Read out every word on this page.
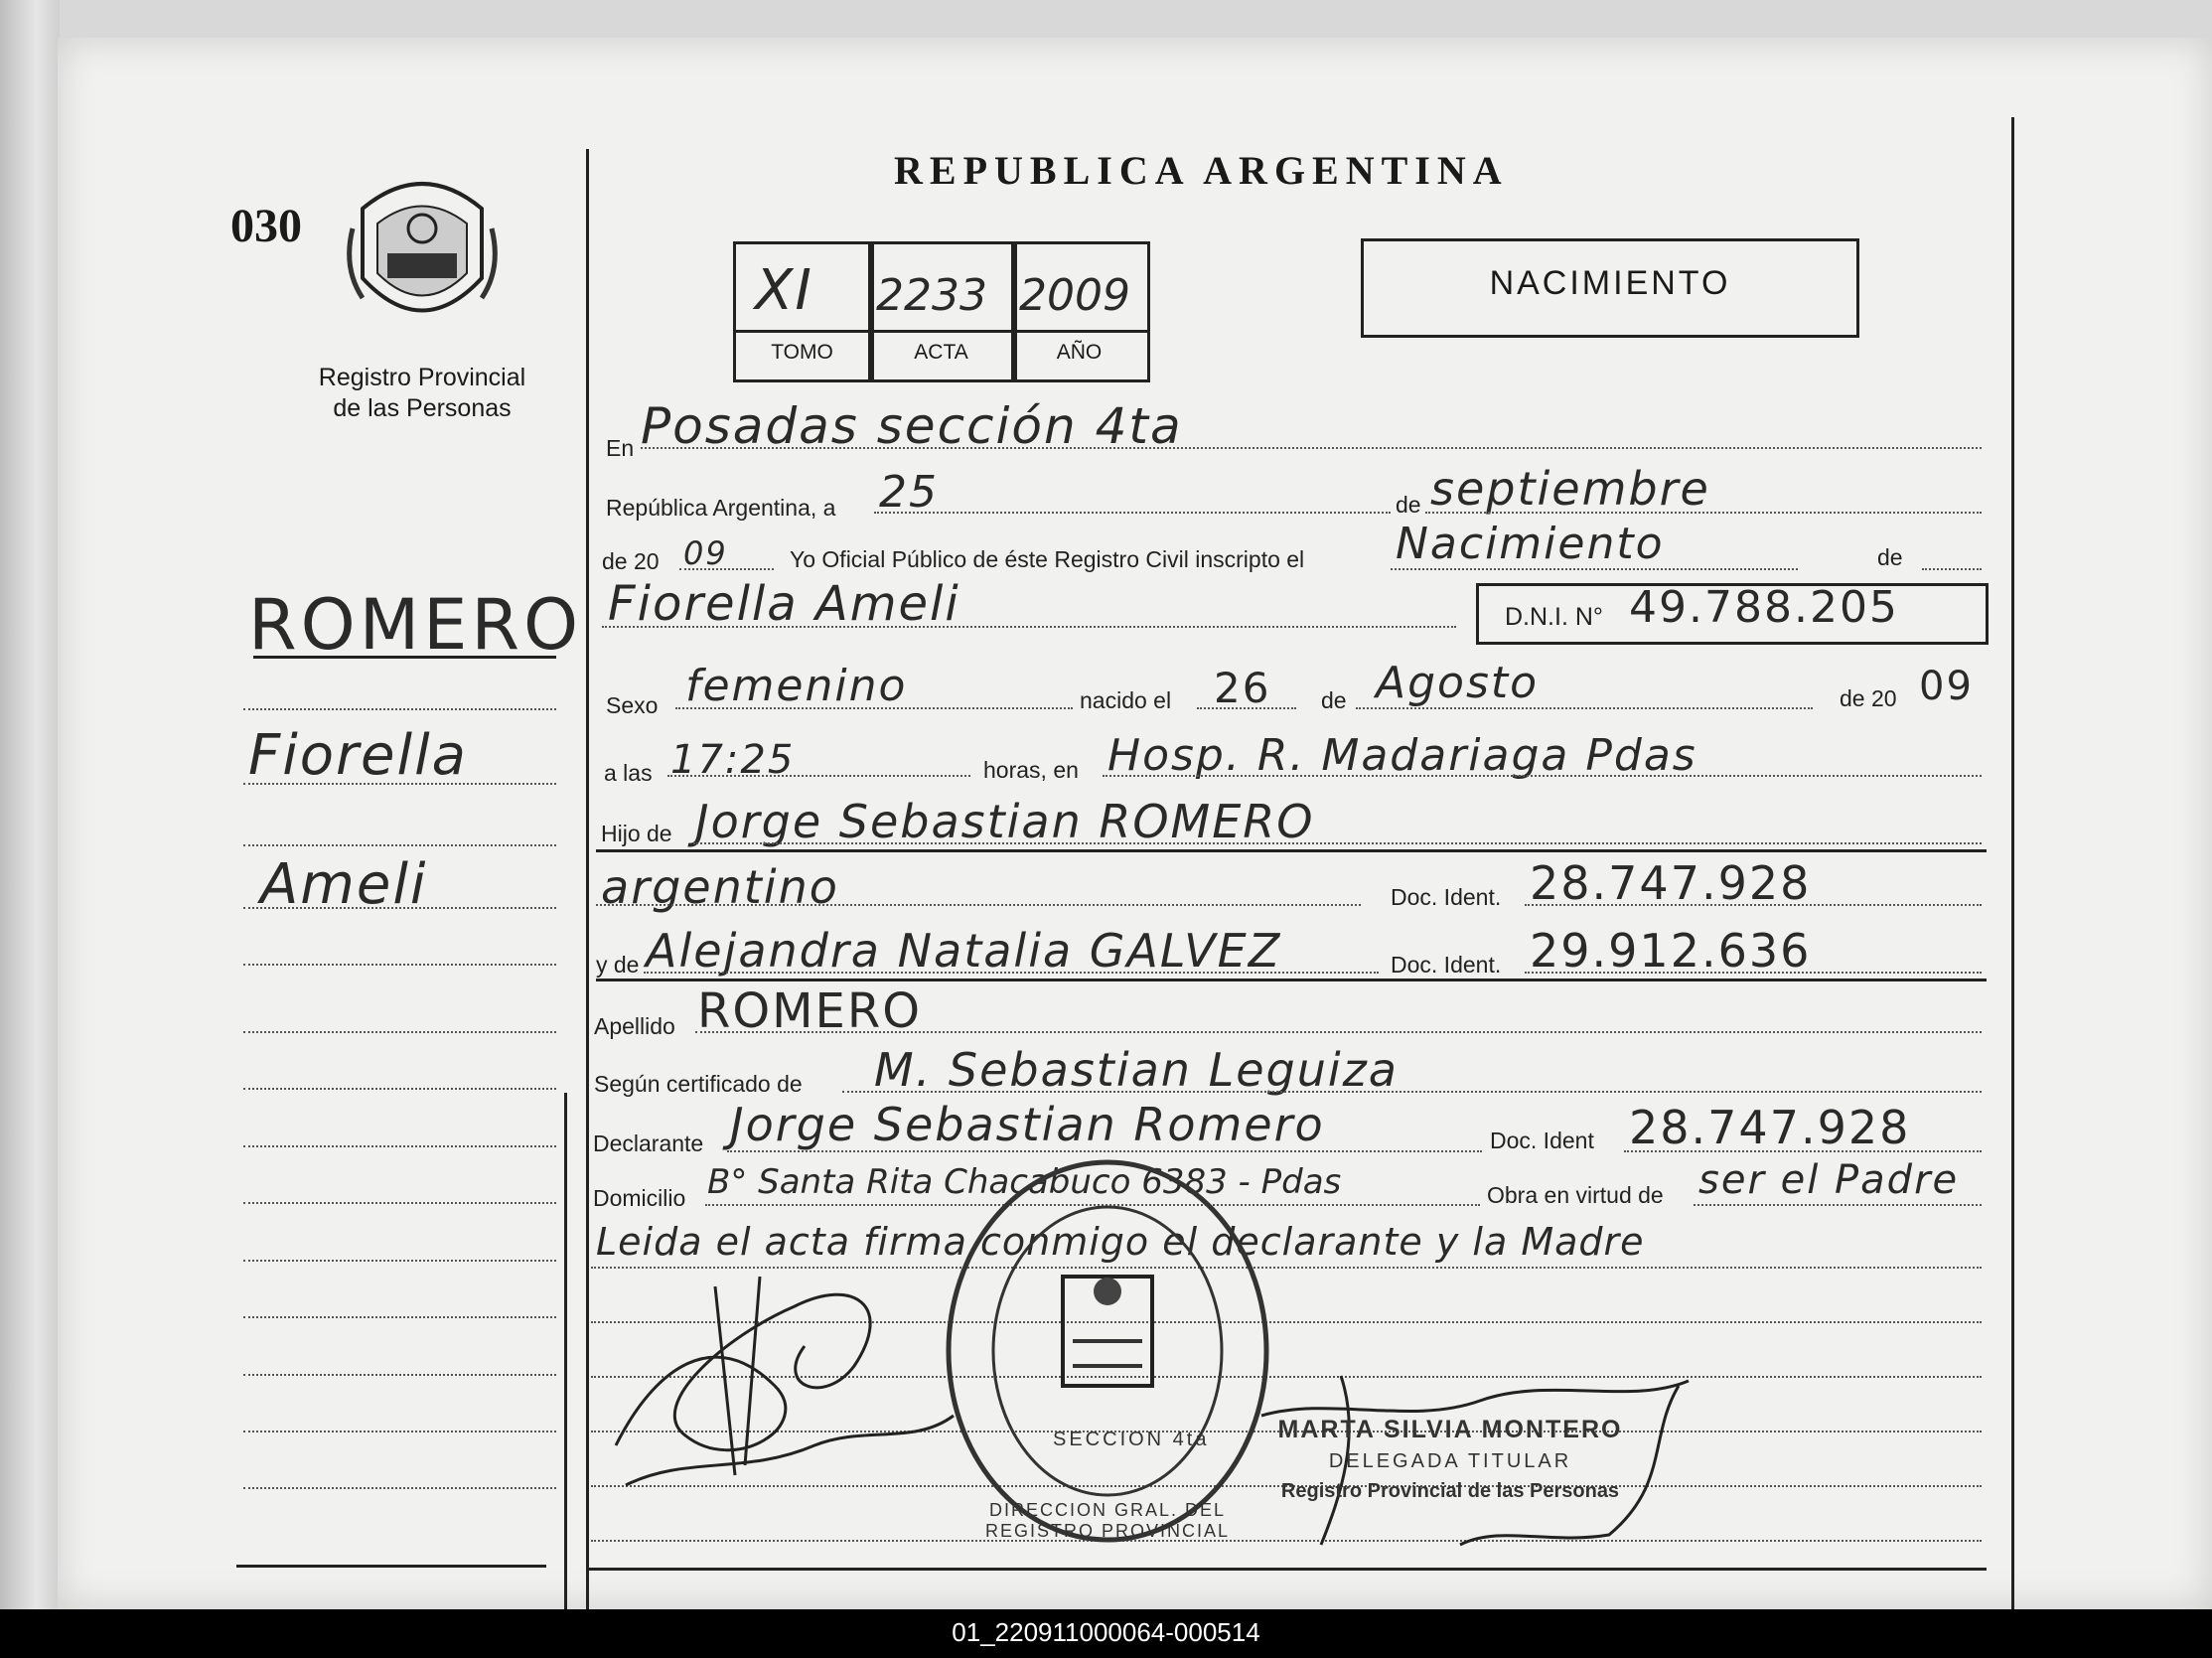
030
Registro Provincial
de las Personas
REPUBLICA ARGENTINA
XI 2233 2009
TOMO	ACTA	AÑO
NACIMIENTO
ROMERO
Fiorella
Ameli
En Posadas sección 4ta
República Argentina, a 25	de septiembre
de 20 09	Yo Oficial Público de éste Registro Civil inscripto el Nacimiento	de
Fiorella Ameli	D.N.I. N° 49.788.205
Sexo femenino	nacido el 26 de Agosto	de 20 09
a las 17:25	horas, en Hosp. R. Madariaga Pdas
Hijo de Jorge Sebastian ROMERO
argentino	Doc. Ident. 28.747.928
y de Alejandra Natalia GALVEZ	Doc. Ident. 29.912.636
Apellido ROMERO
Según certificado de M. Sebastian Leguiza
Declarante Jorge Sebastian Romero	Doc. Ident 28.747.928
Domicilio B° Santa Rita Chacabuco 6383 - Pdas	Obra en virtud de ser el Padre
Leida el acta firma conmigo el declarante y la Madre
DIRECCION GRAL. DEL REGISTRO PROVINCIAL
SECCION 4ta	MARTA SILVIA MONTERO
DELEGADA TITULAR
Registro Provincial de las Personas
01_220911000064-000514
